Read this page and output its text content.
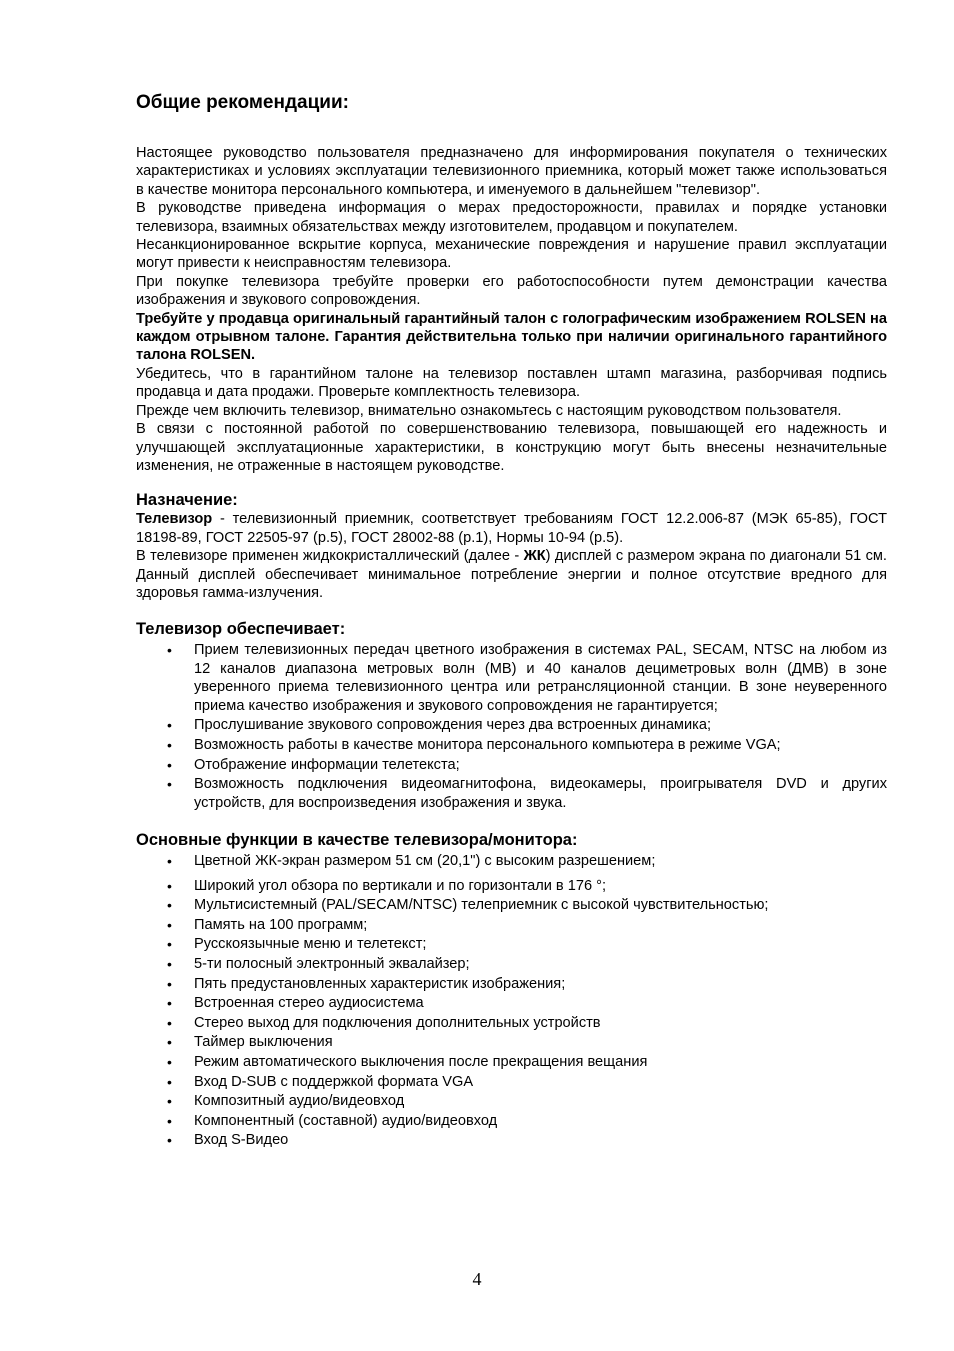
Общие рекомендации:

Настоящее руководство пользователя предназначено для информирования покупателя о технических характеристиках и условиях эксплуатации телевизионного приемника, который может также использоваться в качестве монитора персонального компьютера, и именуемого в дальнейшем "телевизор".

В руководстве приведена информация о мерах предосторожности, правилах и порядке установки телевизора, взаимных обязательствах между изготовителем, продавцом и покупателем.

Несанкционированное вскрытие корпуса, механические повреждения и нарушение правил эксплуатации могут привести к неисправностям телевизора.

При покупке телевизора требуйте проверки его работоспособности путем демонстрации качества изображения и звукового сопровождения.

Требуйте у продавца оригинальный гарантийный талон с голографическим изображением ROLSEN на каждом отрывном талоне. Гарантия действительна только при наличии оригинального гарантийного талона ROLSEN.

Убедитесь, что в гарантийном талоне на телевизор поставлен штамп магазина, разборчивая подпись продавца и дата продажи. Проверьте комплектность телевизора.

Прежде чем включить телевизор, внимательно ознакомьтесь с настоящим руководством пользователя.

В связи с постоянной работой по совершенствованию телевизора, повышающей его надежность и улучшающей эксплуатационные характеристики, в конструкцию могут быть внесены незначительные изменения, не отраженные в настоящем руководстве.

Назначение:

Телевизор - телевизионный приемник, соответствует требованиям ГОСТ 12.2.006-87 (МЭК 65-85), ГОСТ 18198-89, ГОСТ 22505-97 (р.5), ГОСТ 28002-88 (р.1), Нормы 10-94 (р.5).

В телевизоре применен жидкокристаллический (далее - ЖК) дисплей с размером экрана по диагонали 51 см. Данный дисплей обеспечивает минимальное потребление энергии и полное отсутствие вредного для здоровья гамма-излучения.

Телевизор обеспечивает:
• Прием телевизионных передач цветного изображения в системах PAL, SECAM, NTSC на любом из 12 каналов диапазона метровых волн (МВ) и 40 каналов дециметровых волн (ДМВ) в зоне уверенного приема телевизионного центра или ретрансляционной станции. В зоне неуверенного приема качество изображения и звукового сопровождения не гарантируется;
• Прослушивание звукового сопровождения через два встроенных динамика;
• Возможность работы в качестве монитора персонального компьютера в режиме VGA;
• Отображение информации телетекста;
• Возможность подключения видеомагнитофона, видеокамеры, проигрывателя DVD и других устройств, для воспроизведения изображения и звука.
Основные функции в качестве телевизора/монитора:
• Цветной ЖК-экран размером 51 см (20,1") с высоким разрешением;
• Широкий угол обзора по вертикали и по горизонтали в 176 °;
• Мультисистемный (PAL/SECAM/NTSC) телеприемник с высокой чувствительностью;
• Память на 100 программ;
• Русскоязычные меню и телетекст;
• 5-ти полосный электронный эквалайзер;
• Пять предустановленных характеристик изображения;
• Встроенная стерео аудиосистема
• Стерео выход для подключения дополнительных устройств
• Таймер выключения
• Режим автоматического выключения после прекращения вещания
• Вход D-SUB с поддержкой формата VGA
• Композитный аудио/видеовход
• Компонентный (составной) аудио/видеовход
• Вход S-Видео
4
